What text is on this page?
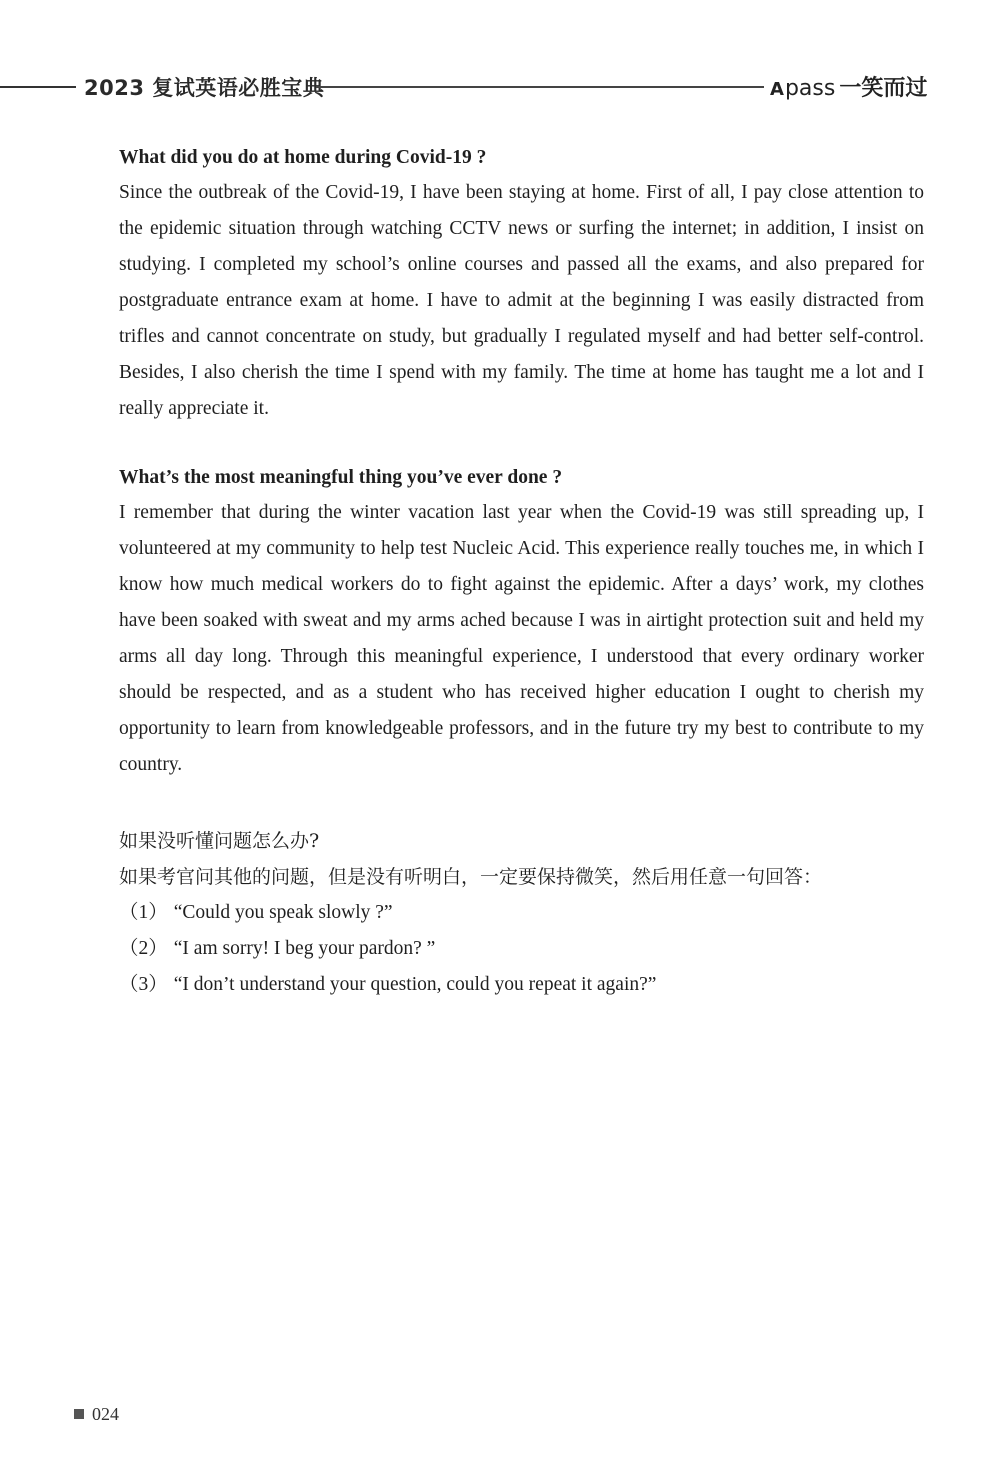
2023 复试英语必胜宝典	Apass 一笑而过

What did you do at home during Covid-19 ?

Since the outbreak of the Covid-19, I have been staying at home. First of all, I pay close attention to the epidemic situation through watching CCTV news or surfing the internet; in addition, I insist on studying. I completed my school’s online courses and passed all the exams, and also prepared for postgraduate entrance exam at home. I have to admit at the beginning I was easily distracted from trifles and cannot concentrate on study, but gradually I regulated myself and had better self-control. Besides, I also cherish the time I spend with my family. The time at home has taught me a lot and I really appreciate it.

What’s the most meaningful thing you’ve ever done ?

I remember that during the winter vacation last year when the Covid-19 was still spreading up, I volunteered at my community to help test Nucleic Acid. This experience really touches me, in which I know how much medical workers do to fight against the epidemic. After a days’ work, my clothes have been soaked with sweat and my arms ached because I was in airtight protection suit and held my arms all day long. Through this meaningful experience, I understood that every ordinary worker should be respected, and as a student who has received higher education I ought to cherish my opportunity to learn from knowledgeable professors, and in the future try my best to contribute to my country.

如果没听懂问题怎么办?
如果考官问其他的问题，但是没有听明白，一定要保持微笑，然后用任意一句回答：
（1） “Could you speak slowly ?”
（2） “I am sorry! I beg your pardon? ”
（3） “I don’t understand your question, could you repeat it again?”
024
